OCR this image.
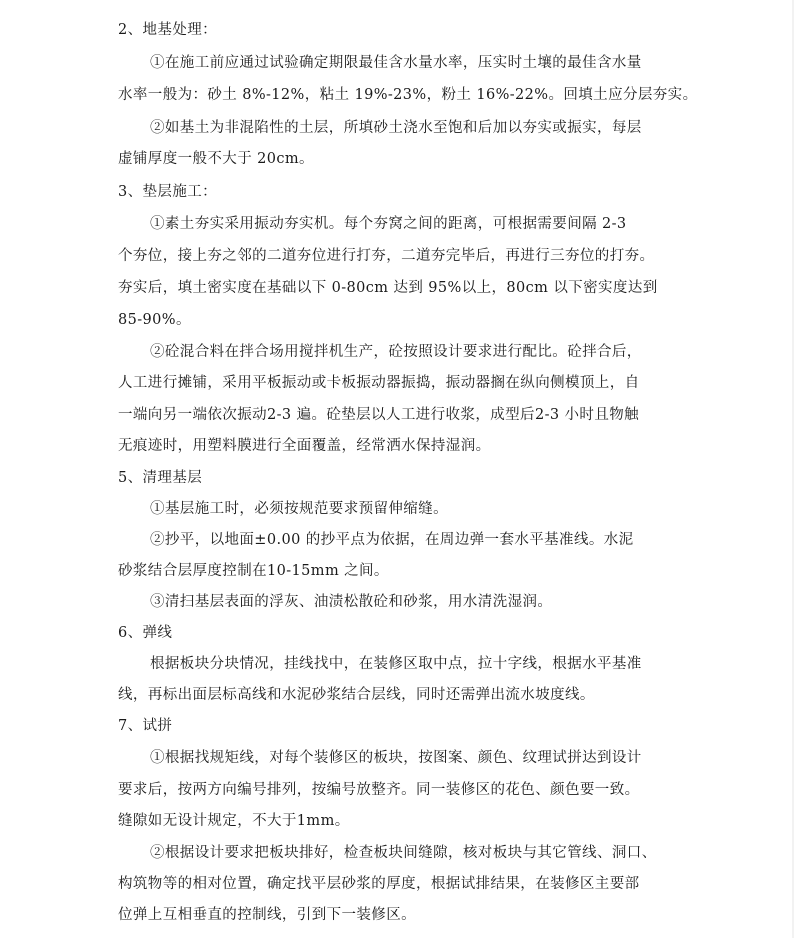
2、地基处理：

①在施工前应通过试验确定期限最佳含水量水率，压实时土壤的最佳含水量

水率一般为：砂土 8%-12%，粘土 19%-23%，粉土 16%-22%。回填土应分层夯实。

②如基土为非混陷性的土层，所填砂土浇水至饱和后加以夯实或振实，每层

虚铺厚度一般不大于 20cm。

3、垫层施工：

①素土夯实采用振动夯实机。每个夯窝之间的距离，可根据需要间隔 2-3

个夯位，接上夯之邻的二道夯位进行打夯，二道夯完毕后，再进行三夯位的打夯。

夯实后，填土密实度在基础以下 0-80cm 达到 95%以上，80cm 以下密实度达到

85-90%。

②砼混合料在拌合场用搅拌机生产，砼按照设计要求进行配比。砼拌合后，

人工进行摊铺，采用平板振动或卡板振动器振捣，振动器搁在纵向侧模顶上，自

一端向另一端依次振动2-3 遍。砼垫层以人工进行收浆，成型后2-3 小时且物触

无痕迹时，用塑料膜进行全面覆盖，经常洒水保持湿润。

5、清理基层

①基层施工时，必须按规范要求预留伸缩缝。

②抄平，以地面±0.00 的抄平点为依据，在周边弹一套水平基准线。水泥

砂浆结合层厚度控制在10-15mm 之间。

③清扫基层表面的浮灰、油渍松散砼和砂浆，用水清洗湿润。

6、弹线

根据板块分块情况，挂线找中，在装修区取中点，拉十字线，根据水平基准

线，再标出面层标高线和水泥砂浆结合层线，同时还需弹出流水坡度线。

7、试拼

①根据找规矩线，对每个装修区的板块，按图案、颜色、纹理试拼达到设计

要求后，按两方向编号排列，按编号放整齐。同一装修区的花色、颜色要一致。

缝隙如无设计规定，不大于1mm。

②根据设计要求把板块排好，检查板块间缝隙，核对板块与其它管线、洞口、

构筑物等的相对位置，确定找平层砂浆的厚度，根据试排结果，在装修区主要部

位弹上互相垂直的控制线，引到下一装修区。
